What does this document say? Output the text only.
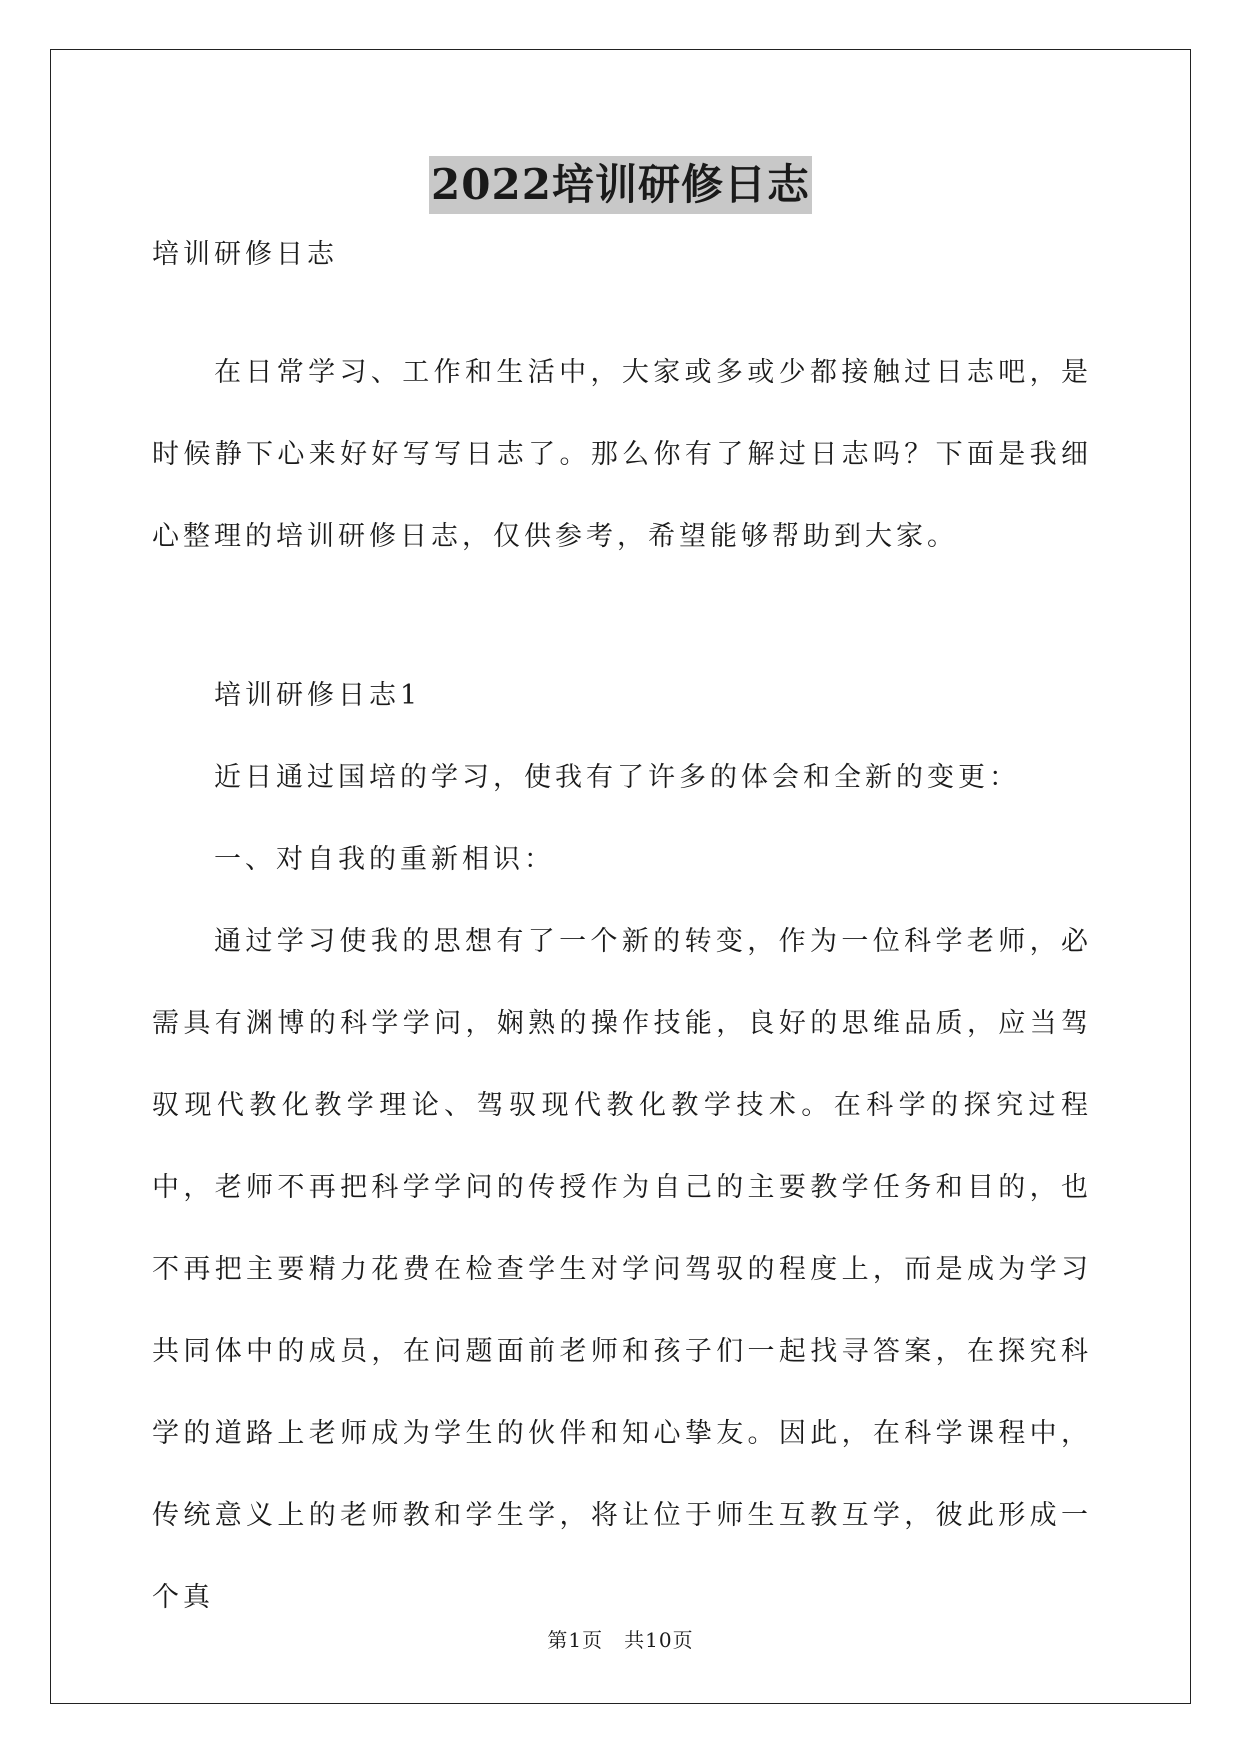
2022培训研修日志

培训研修日志

在日常学习、工作和生活中，大家或多或少都接触过日志吧，是时候静下心来好好写写日志了。那么你有了解过日志吗？下面是我细心整理的培训研修日志，仅供参考，希望能够帮助到大家。

培训研修日志1

近日通过国培的学习，使我有了许多的体会和全新的变更：

一、对自我的重新相识：

通过学习使我的思想有了一个新的转变，作为一位科学老师，必需具有渊博的科学学问，娴熟的操作技能，良好的思维品质，应当驾驭现代教化教学理论、驾驭现代教化教学技术。在科学的探究过程中，老师不再把科学学问的传授作为自己的主要教学任务和目的，也不再把主要精力花费在检查学生对学问驾驭的程度上，而是成为学习共同体中的成员，在问题面前老师和孩子们一起找寻答案，在探究科学的道路上老师成为学生的伙伴和知心挚友。因此，在科学课程中，传统意义上的老师教和学生学，将让位于师生互教互学，彼此形成一个真

第1页　共10页
